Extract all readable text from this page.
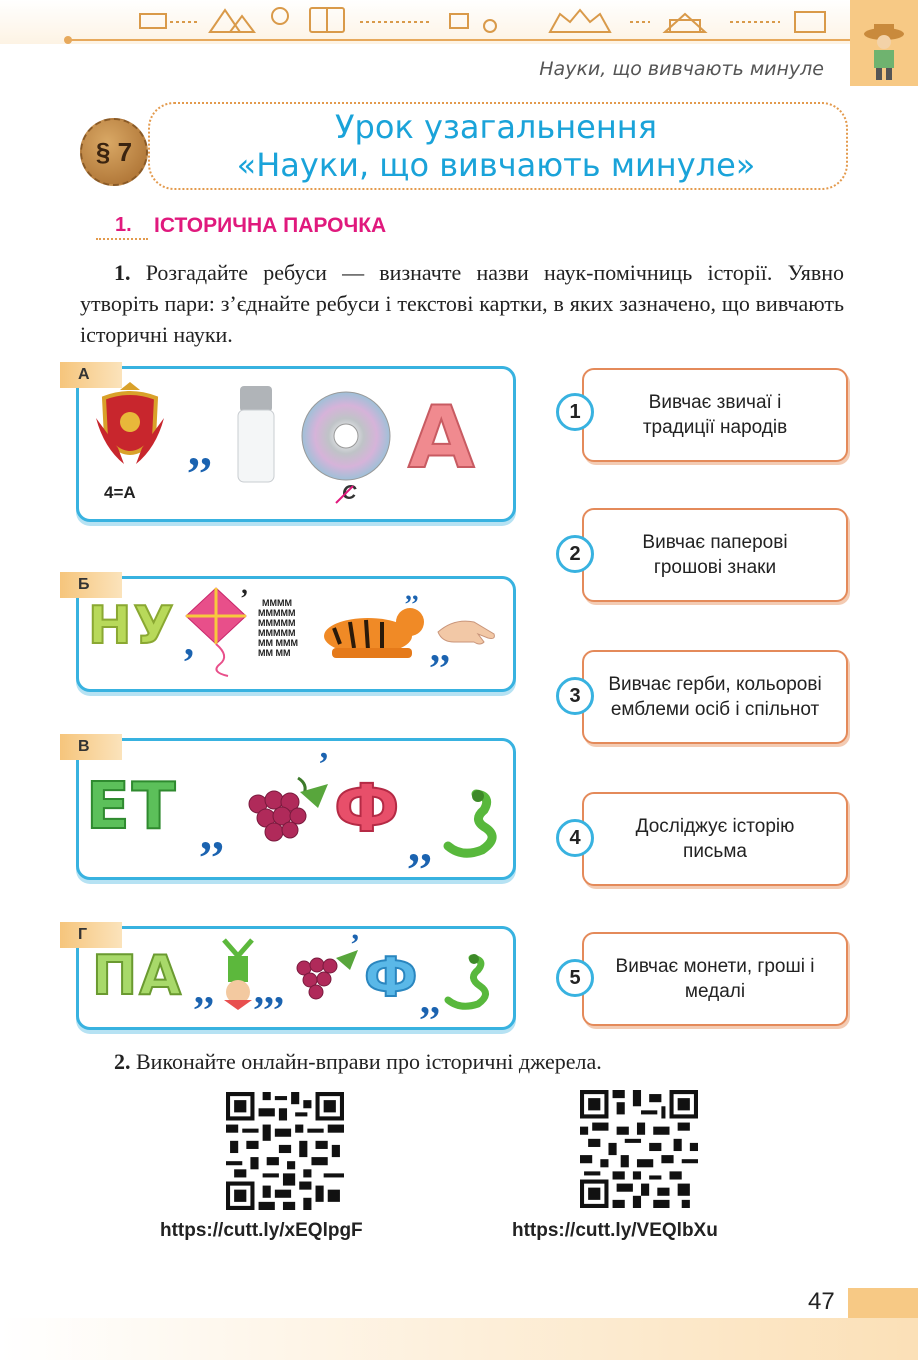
Науки, що вивчають минуле
§ 7
Урок узагальнення
«Науки, що вивчають минуле»
1. ІСТОРИЧНА ПАРОЧКА
1. Розгадайте ребуси — визначте назви наук-помічниць історії. Уявно утворіть пари: з’єднайте ребуси і текстові картки, в яких зазначено, що вивчають історичні науки.
А
4=А
,,
С
А
Б
НУ ,
’ MMMM
MMMMM
MMMMM
MMMMM
MM MMM
MM MM
’’
,,
В
ЕТ ,,
’
Ф ,,
Г
ПА ,, ,,,
’
Ф ,,
Вивчає звичаї і традиції народів
1
Вивчає паперові грошові знаки
2
Вивчає герби, кольорові емблеми осіб і спільнот
3
Досліджує історію письма
4
Вивчає монети, гроші і медалі
5
2. Виконайте онлайн-вправи про історичні джерела.
https://cutt.ly/xEQlpgF	https://cutt.ly/VEQlbXu
47
